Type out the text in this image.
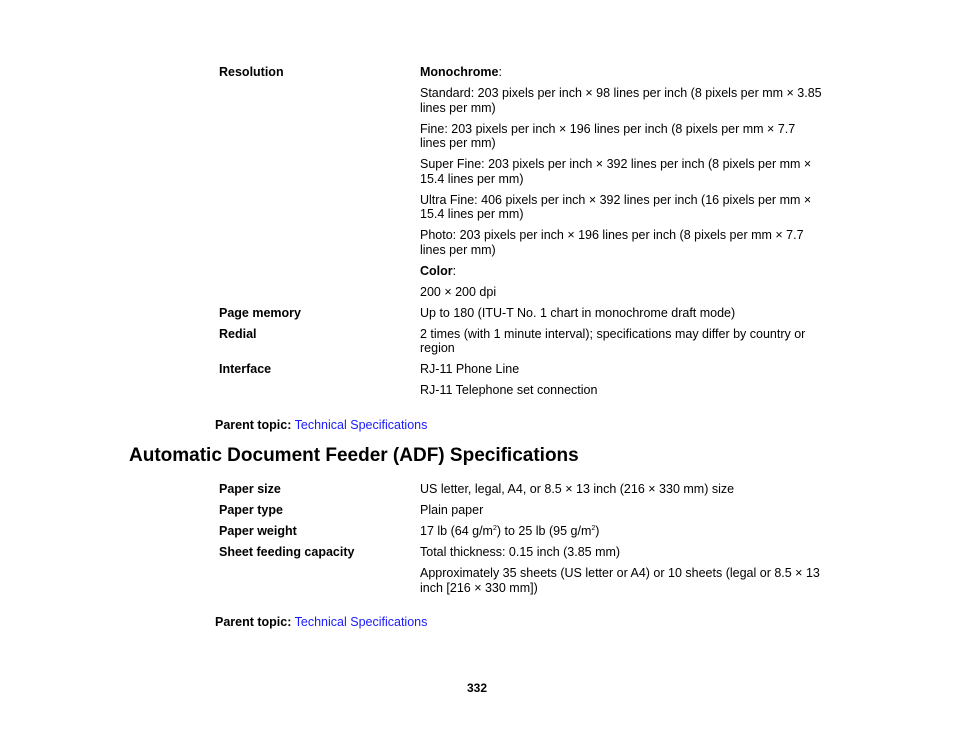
Resolution	Monochrome:
Standard: 203 pixels per inch × 98 lines per inch (8 pixels per mm × 3.85 lines per mm)
Fine: 203 pixels per inch × 196 lines per inch (8 pixels per mm × 7.7 lines per mm)
Super Fine: 203 pixels per inch × 392 lines per inch (8 pixels per mm × 15.4 lines per mm)
Ultra Fine: 406 pixels per inch × 392 lines per inch (16 pixels per mm × 15.4 lines per mm)
Photo: 203 pixels per inch × 196 lines per inch (8 pixels per mm × 7.7 lines per mm)
Color:
200 × 200 dpi
Page memory	Up to 180 (ITU-T No. 1 chart in monochrome draft mode)
Redial	2 times (with 1 minute interval); specifications may differ by country or region
Interface	RJ-11 Phone Line
RJ-11 Telephone set connection
Parent topic: Technical Specifications
Automatic Document Feeder (ADF) Specifications
Paper size	US letter, legal, A4, or 8.5 × 13 inch (216 × 330 mm) size
Paper type	Plain paper
Paper weight	17 lb (64 $g/m^2$) to 25 lb (95 $g/m^2$)
Sheet feeding capacity	Total thickness: 0.15 inch (3.85 mm)
Approximately 35 sheets (US letter or A4) or 10 sheets (legal or 8.5 × 13 inch [216 × 330 mm])
Parent topic: Technical Specifications
332
